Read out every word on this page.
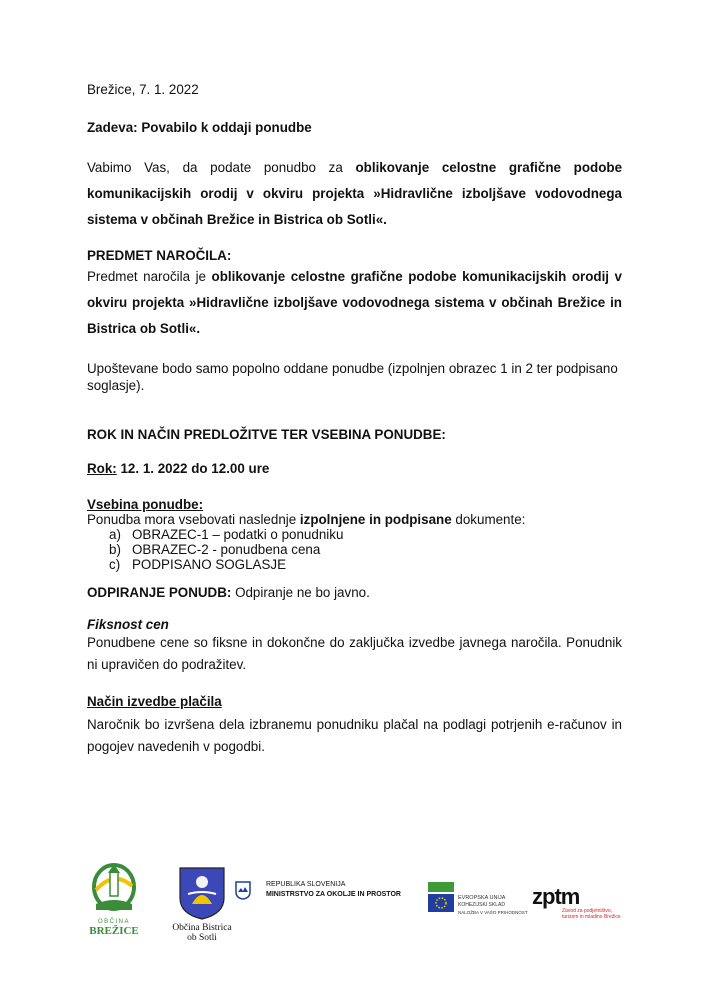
Brežice, 7. 1. 2022

Zadeva: Povabilo k oddaji ponudbe

Vabimo Vas, da podate ponudbo za oblikovanje celostne grafične podobe komunikacijskih orodij v okviru projekta »Hidravlične izboljšave vodovodnega sistema v občinah Brežice in Bistrica ob Sotli«.

PREDMET NAROČILA:

Predmet naročila je oblikovanje celostne grafične podobe komunikacijskih orodij v okviru projekta »Hidravlične izboljšave vodovodnega sistema v občinah Brežice in Bistrica ob Sotli«.

Upoštevane bodo samo popolno oddane ponudbe (izpolnjen obrazec 1 in 2 ter podpisano soglasje).

ROK IN NAČIN PREDLOŽITVE TER VSEBINA PONUDBE:

Rok: 12. 1. 2022 do 12.00 ure

Vsebina ponudbe:

Ponudba mora vsebovati naslednje izpolnjene in podpisane dokumente:

a) OBRAZEC-1 – podatki o ponudniku
b) OBRAZEC-2 - ponudbena cena
c) PODPISANO SOGLASJE

ODPIRANJE PONUDB: Odpiranje ne bo javno.

Fiksnost cen

Ponudbene cene so fiksne in dokončne do zaključka izvedbe javnega naročila. Ponudnik ni upravičen do podražitev.

Način izvedbe plačila

Naročnik bo izvršena dela izbranemu ponudniku plačal na podlagi potrjenih e-računov in pogojev navedenih v pogodbi.

OBČINA
BREŽICE	Občina Bistrica
ob Sotli
REPUBLIKA SLOVENIJA
MINISTRSTVO ZA OKOLJE IN PROSTOR	EVROPSKA UNIJA
KOHEZIJSKI SKLAD
NALOŽBA V VAŠO PRIHODNOST
zptm
Zavod za podjetništvo,
turizem in mladino Brežice
